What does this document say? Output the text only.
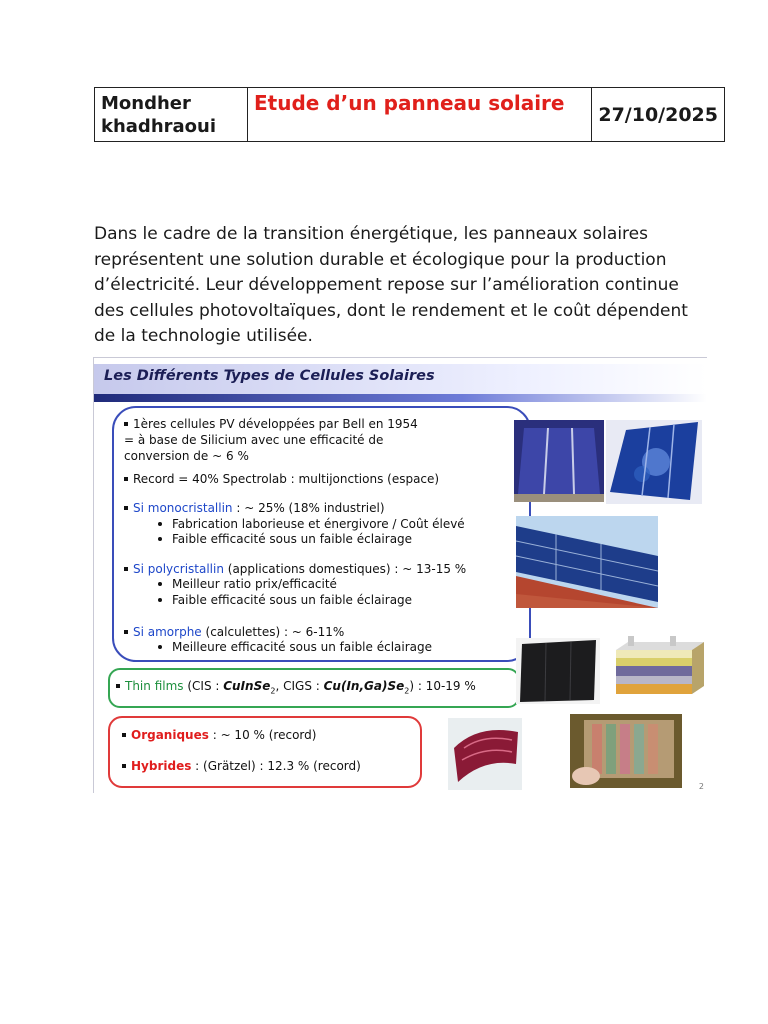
Mondher khadhraoui	Etude d’un panneau solaire	27/10/2025

Dans le cadre de la transition énergétique, les panneaux solaires représentent une solution durable et écologique pour la production d’électricité. Leur développement repose sur l’amélioration continue des cellules photovoltaïques, dont le rendement et le coût dépendent de la technologie utilisée.

Les Différents Types de Cellules Solaires
1ères cellules PV développées par Bell en 1954
= à base de Silicium avec une efficacité de
conversion de ~ 6 %
Record = 40% Spectrolab : multijonctions (espace)
Si monocristallin : ~ 25% (18% industriel)
Fabrication laborieuse et énergivore / Coût élevé
Faible efficacité sous un faible éclairage
Si polycristallin (applications domestiques) : ~ 13-15 %
Meilleur ratio prix/efficacité
Faible efficacité sous un faible éclairage
Si amorphe (calculettes) : ~ 6-11%
Meilleure efficacité sous un faible éclairage
Thin films (CIS : CuInSe$_2$, CIGS : $Cu(In,Ga)Se_2$) : 10-19 %
Organiques : ~ 10 % (record)
Hybrides : (Grätzel) : 12.3 % (record)
2
